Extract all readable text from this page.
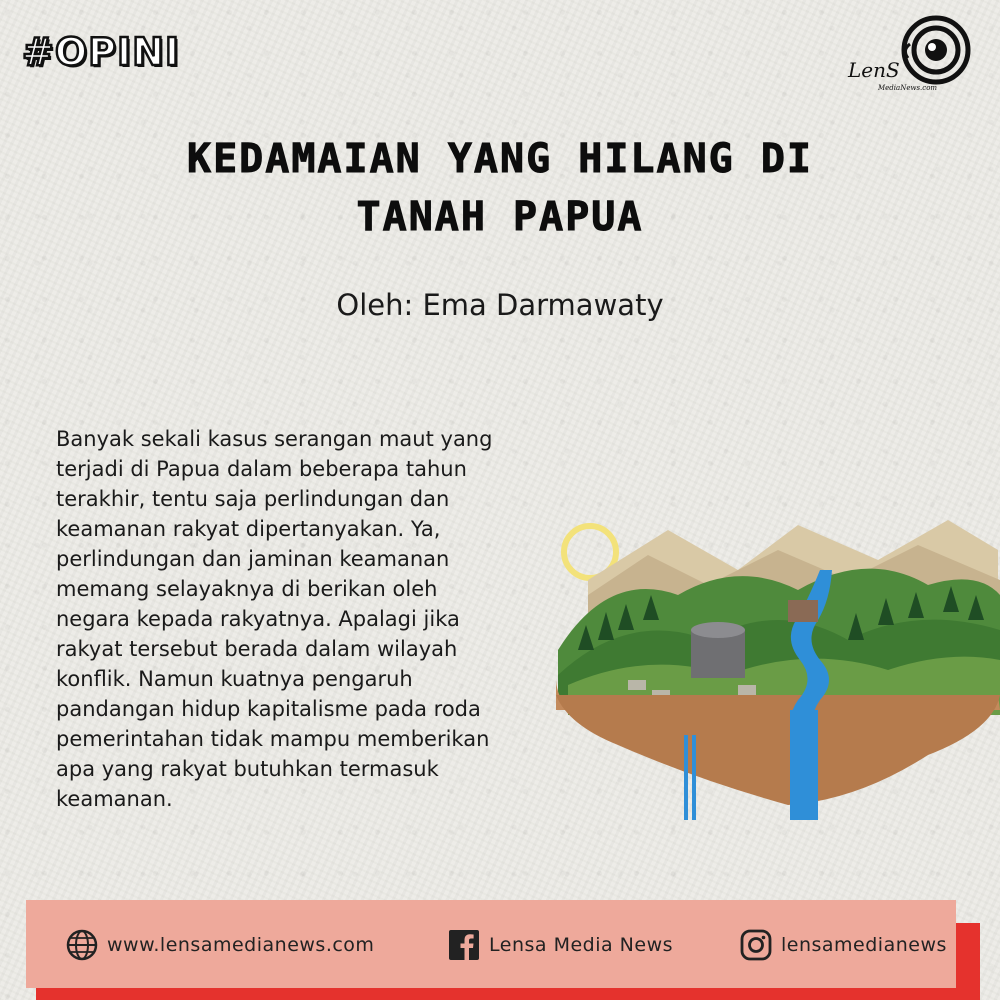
#OPINI	LenS
MediaNews.com
KEDAMAIAN YANG HILANG DI
TANAH PAPUA
Oleh: Ema Darmawaty
Banyak sekali kasus serangan maut yang
terjadi di Papua dalam beberapa tahun
terakhir, tentu saja perlindungan dan
keamanan rakyat dipertanyakan. Ya,
perlindungan dan jaminan keamanan
memang selayaknya di berikan oleh
negara kepada rakyatnya. Apalagi jika
rakyat tersebut berada dalam wilayah
konflik. Namun kuatnya pengaruh
pandangan hidup kapitalisme pada roda
pemerintahan tidak mampu memberikan
apa yang rakyat butuhkan termasuk
keamanan.
www.lensamedianews.com	Lensa Media News	lensamedianews
